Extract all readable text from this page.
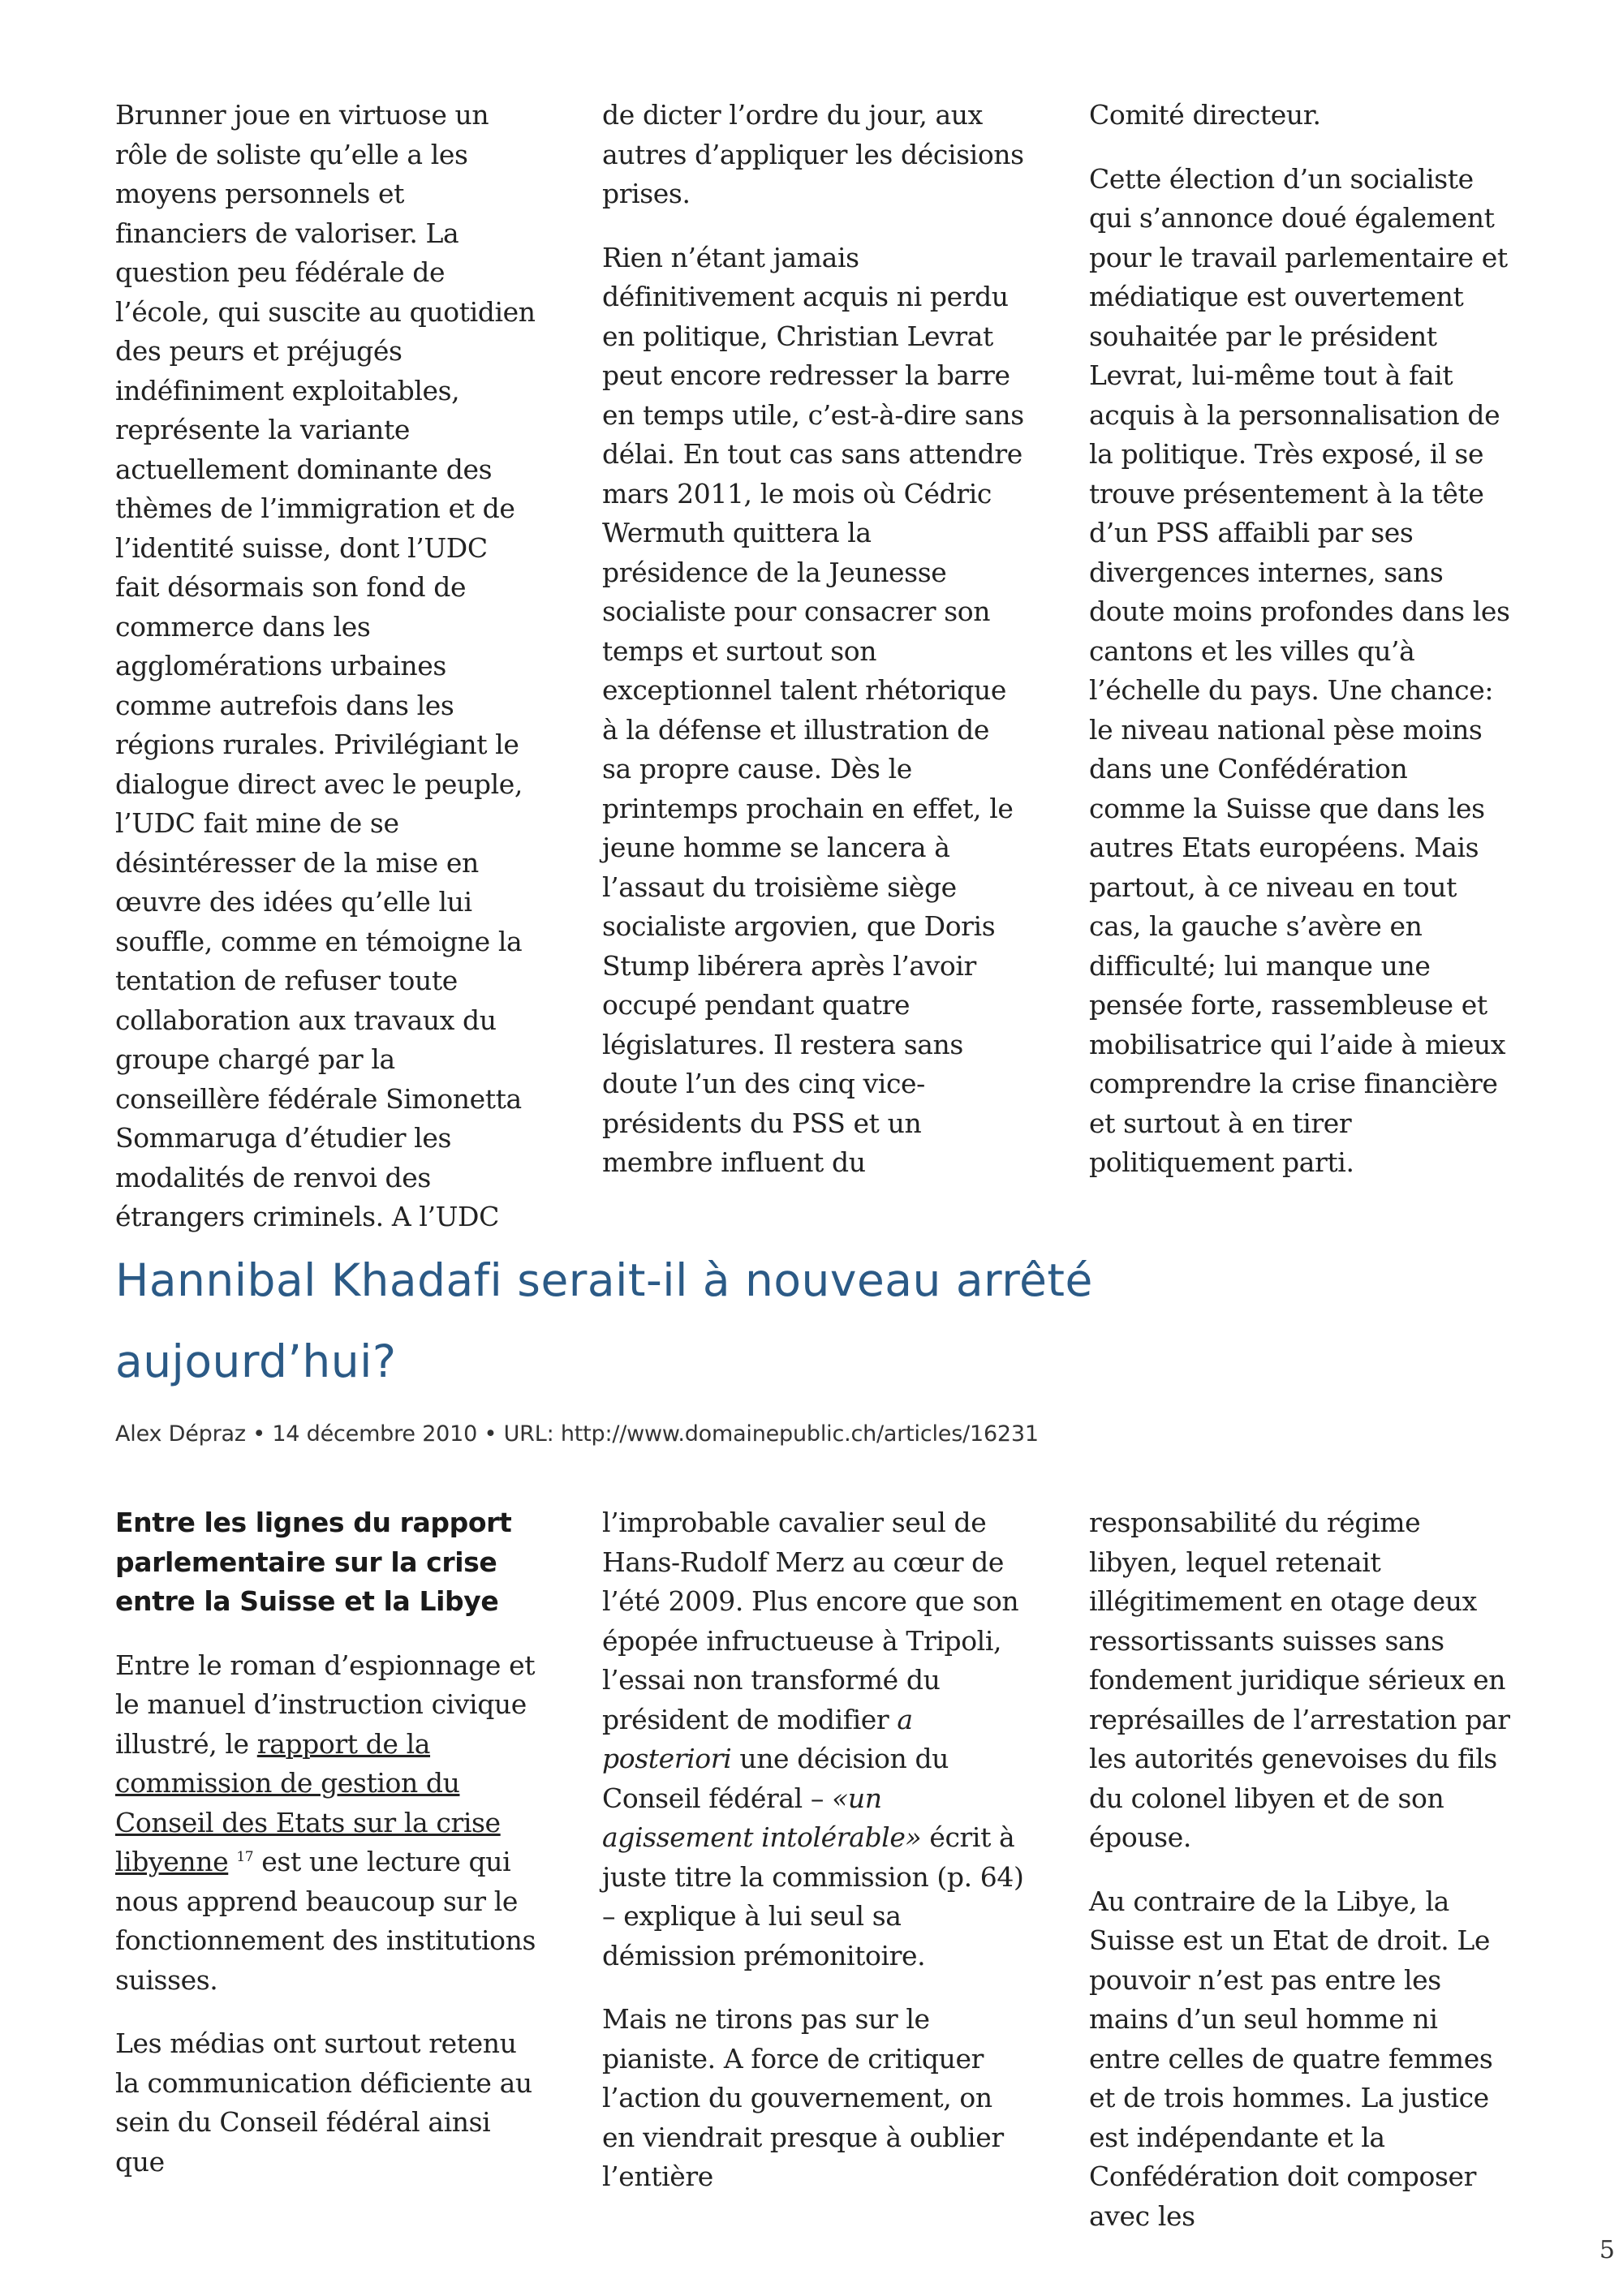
Brunner joue en virtuose un rôle de soliste qu’elle a les moyens personnels et financiers de valoriser. La question peu fédérale de l’école, qui suscite au quotidien des peurs et préjugés indéfiniment exploitables, représente la variante actuellement dominante des thèmes de l’immigration et de l’identité suisse, dont l’UDC fait désormais son fond de commerce dans les agglomérations urbaines comme autrefois dans les régions rurales. Privilégiant le dialogue direct avec le peuple, l’UDC fait mine de se désintéresser de la mise en œuvre des idées qu’elle lui souffle, comme en témoigne la tentation de refuser toute collaboration aux travaux du groupe chargé par la conseillère fédérale Simonetta Sommaruga d’étudier les modalités de renvoi des étrangers criminels. A l’UDC

de dicter l’ordre du jour, aux autres d’appliquer les décisions prises.

Rien n’étant jamais définitivement acquis ni perdu en politique, Christian Levrat peut encore redresser la barre en temps utile, c’est-à-dire sans délai. En tout cas sans attendre mars 2011, le mois où Cédric Wermuth quittera la présidence de la Jeunesse socialiste pour consacrer son temps et surtout son exceptionnel talent rhétorique à la défense et illustration de sa propre cause. Dès le printemps prochain en effet, le jeune homme se lancera à l’assaut du troisième siège socialiste argovien, que Doris Stump libérera après l’avoir occupé pendant quatre législatures. Il restera sans doute l’un des cinq vice-présidents du PSS et un membre influent du

Comité directeur.

Cette élection d’un socialiste qui s’annonce doué également pour le travail parlementaire et médiatique est ouvertement souhaitée par le président Levrat, lui-même tout à fait acquis à la personnalisation de la politique. Très exposé, il se trouve présentement à la tête d’un PSS affaibli par ses divergences internes, sans doute moins profondes dans les cantons et les villes qu’à l’échelle du pays. Une chance: le niveau national pèse moins dans une Confédération comme la Suisse que dans les autres Etats européens. Mais partout, à ce niveau en tout cas, la gauche s’avère en difficulté; lui manque une pensée forte, rassembleuse et mobilisatrice qui l’aide à mieux comprendre la crise financière et surtout à en tirer politiquement parti.

Hannibal Khadafi serait-il à nouveau arrêté aujourd’hui?

Alex Dépraz • 14 décembre 2010 • URL: http://www.domainepublic.ch/articles/16231

Entre les lignes du rapport parlementaire sur la crise entre la Suisse et la Libye

Entre le roman d’espionnage et le manuel d’instruction civique illustré, le rapport de la commission de gestion du Conseil des Etats sur la crise libyenne $^{17}$ est une lecture qui nous apprend beaucoup sur le fonctionnement des institutions suisses.

Les médias ont surtout retenu la communication déficiente au sein du Conseil fédéral ainsi que

l’improbable cavalier seul de Hans-Rudolf Merz au cœur de l’été 2009. Plus encore que son épopée infructueuse à Tripoli, l’essai non transformé du président de modifier a posteriori une décision du Conseil fédéral – «un agissement intolérable» écrit à juste titre la commission (p. 64) – explique à lui seul sa démission prémonitoire.

Mais ne tirons pas sur le pianiste. A force de critiquer l’action du gouvernement, on en viendrait presque à oublier l’entière

responsabilité du régime libyen, lequel retenait illégitimement en otage deux ressortissants suisses sans fondement juridique sérieux en représailles de l’arrestation par les autorités genevoises du fils du colonel libyen et de son épouse.

Au contraire de la Libye, la Suisse est un Etat de droit. Le pouvoir n’est pas entre les mains d’un seul homme ni entre celles de quatre femmes et de trois hommes. La justice est indépendante et la Confédération doit composer avec les

5
